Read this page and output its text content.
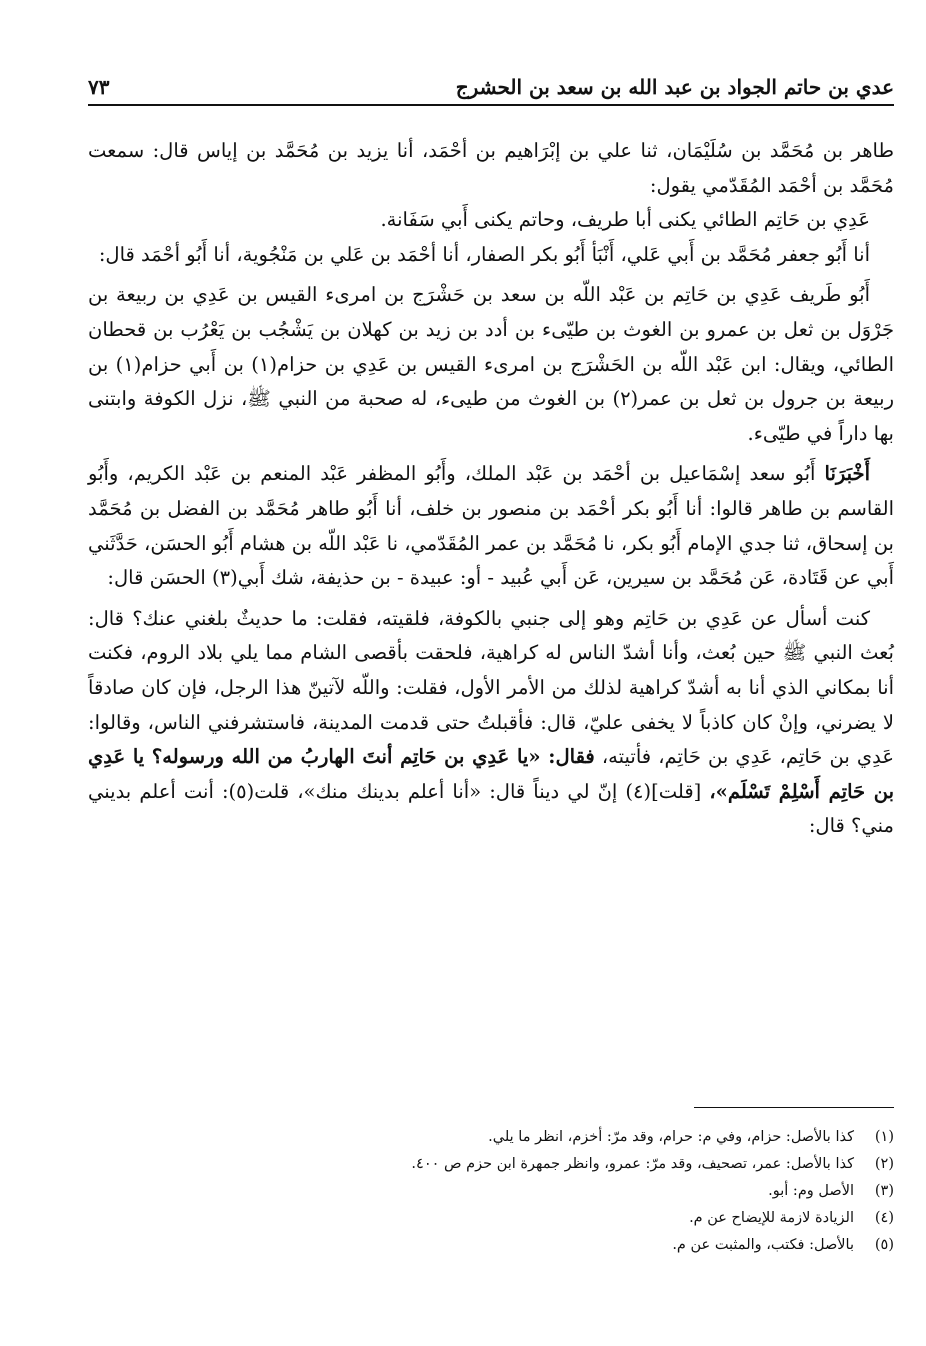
عدي بن حاتم الجواد بن عبد الله بن سعد بن الحشرج
٧٣

طاهر بن مُحَمَّد بن سُلَيْمَان، ثنا علي بن إبْرَاهيم بن أحْمَد، أنا يزيد بن مُحَمَّد بن إياس قال: سمعت مُحَمَّد بن أحْمَد المُقَدّمي يقول:

عَدِي بن حَاتِم الطائي يكنى أبا طريف، وحاتم يكنى أَبي سَفَانة.

أنا أَبُو جعفر مُحَمَّد بن أَبي عَلي، أَنْبَأ أَبُو بكر الصفار، أنا أحْمَد بن عَلي بن مَنْجُوية، أنا أَبُو أحْمَد قال:

أَبُو طَريف عَدِي بن حَاتِم بن عَبْد اللّه بن سعد بن حَشْرَج بن امرىء القيس بن عَدِي بن ربيعة بن جَرْوَل بن ثعل بن عمرو بن الغوث بن طيّىء بن أدد بن زيد بن كهلان بن يَشْجُب بن يَعْرُب بن قحطان الطائي، ويقال: ابن عَبْد اللّه بن الحَشْرَج بن امرىء القيس بن عَدِي بن حزام(١) بن أَبي حزام(١) بن ربيعة بن جرول بن ثعل بن عمر(٢) بن الغوث من طيىء، له صحبة من النبي ﷺ، نزل الكوفة وابتنى بها داراً في طيّىء.

أَخْبَرَنَا أَبُو سعد إسْمَاعيل بن أحْمَد بن عَبْد الملك، وأَبُو المظفر عَبْد المنعم بن عَبْد الكريم، وأَبُو القاسم بن طاهر قالوا: أنا أَبُو بكر أحْمَد بن منصور بن خلف، أنا أَبُو طاهر مُحَمَّد بن الفضل بن مُحَمَّد بن إسحاق، ثنا جدي الإمام أَبُو بكر، نا مُحَمَّد بن عمر المُقَدّمي، نا عَبْد اللّه بن هشام أَبُو الحسَن، حَدَّثَني أَبي عن قَتَادة، عَن مُحَمَّد بن سيرين، عَن أَبي عُبيد - أو: عبيدة - بن حذيفة، شك أَبي(٣) الحسَن قال:

كنت أسأل عن عَدِي بن حَاتِم وهو إلى جنبي بالكوفة، فلقيته، فقلت: ما حديثٌ بلغني عنك؟ قال: بُعث النبي ﷺ حين بُعث، وأنا أشدّ الناس له كراهية، فلحقت بأقصى الشام مما يلي بلاد الروم، فكنت أنا بمكاني الذي أنا به أشدّ كراهية لذلك من الأمر الأول، فقلت: واللّه لآتينّ هذا الرجل، فإن كان صادقاً لا يضرني، وإنْ كان كاذباً لا يخفى عليّ، قال: فأقبلتُ حتى قدمت المدينة، فاستشرفني الناس، وقالوا: عَدِي بن حَاتِم، عَدِي بن حَاتِم، فأتيته، فقال: «يا عَدِي بن حَاتِم أنتَ الهاربُ من الله ورسوله؟ يا عَدِي بن حَاتِم أَسْلِمْ تَسْلَم»، [قلت](٤) إنّ لي ديناً قال: «أنا أعلم بدينك منك»، قلت(٥): أنت أعلم بديني مني؟ قال:

(١)
كذا بالأصل: حزام، وفي م: حرام، وقد مرّ: أخزم، انظر ما يلي.
(٢)
كذا بالأصل: عمر، تصحيف، وقد مرّ: عمرو، وانظر جمهرة ابن حزم ص ٤٠٠.
(٣)
الأصل وم: أبو.
(٤)
الزيادة لازمة للإيضاح عن م.
(٥)
بالأصل: فكتب، والمثبت عن م.
